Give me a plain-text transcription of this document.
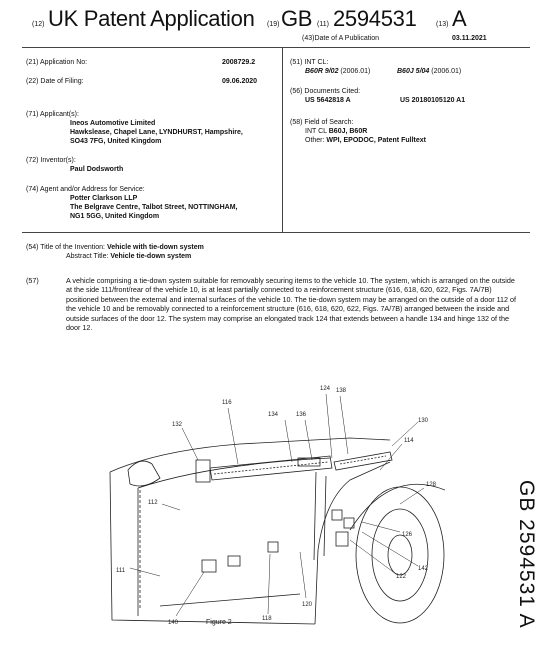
(12) UK Patent Application (19) GB (11) 2594531	(13) A
(43)Date of A Publication	03.11.2021
(21) Application No:	2008729.2
(22) Date of Filing:	09.06.2020
(71) Applicant(s):
Ineos Automotive Limited
Hawkslease, Chapel Lane, LYNDHURST, Hampshire,
SO43 7FG, United Kingdom
(72) Inventor(s):
Paul Dodsworth
(74) Agent and/or Address for Service:
Potter Clarkson LLP
The Belgrave Centre, Talbot Street, NOTTINGHAM,
NG1 5GG, United Kingdom
(51) INT CL:
B60R 9/02 (2006.01)	B60J 5/04 (2006.01)
(56) Documents Cited:
US 5642818 A	US 20180105120 A1
(58) Field of Search:
INT CL B60J, B60R
Other: WPI, EPODOC, Patent Fulltext
(54) Title of the Invention: Vehicle with tie-down system
Abstract Title: Vehicle tie-down system
(57)	A vehicle comprising a tie-down system suitable for removably securing items to the vehicle 10. The system, which is arranged on the outside at the side 111/front/rear of the vehicle 10, is at least partially connected to a reinforcement structure (616, 618, 620, 622, Figs. 7A/7B) positioned between the external and internal surfaces of the vehicle 10. The tie-down system may be arranged on the outside of a door 112 of the vehicle 10 and be removably connected to a reinforcement structure (616, 618, 620, 622, Figs. 7A/7B) arranged between the inside and outside surfaces of the door 12. The system may comprise an elongated track 124 that extends between a handle 134 and hinge 132 of the door 12.
116
124 138
134	136
130
132
114
128
112
126
111	142
122
140
118
120
Figure 2	GB 2594531 A
